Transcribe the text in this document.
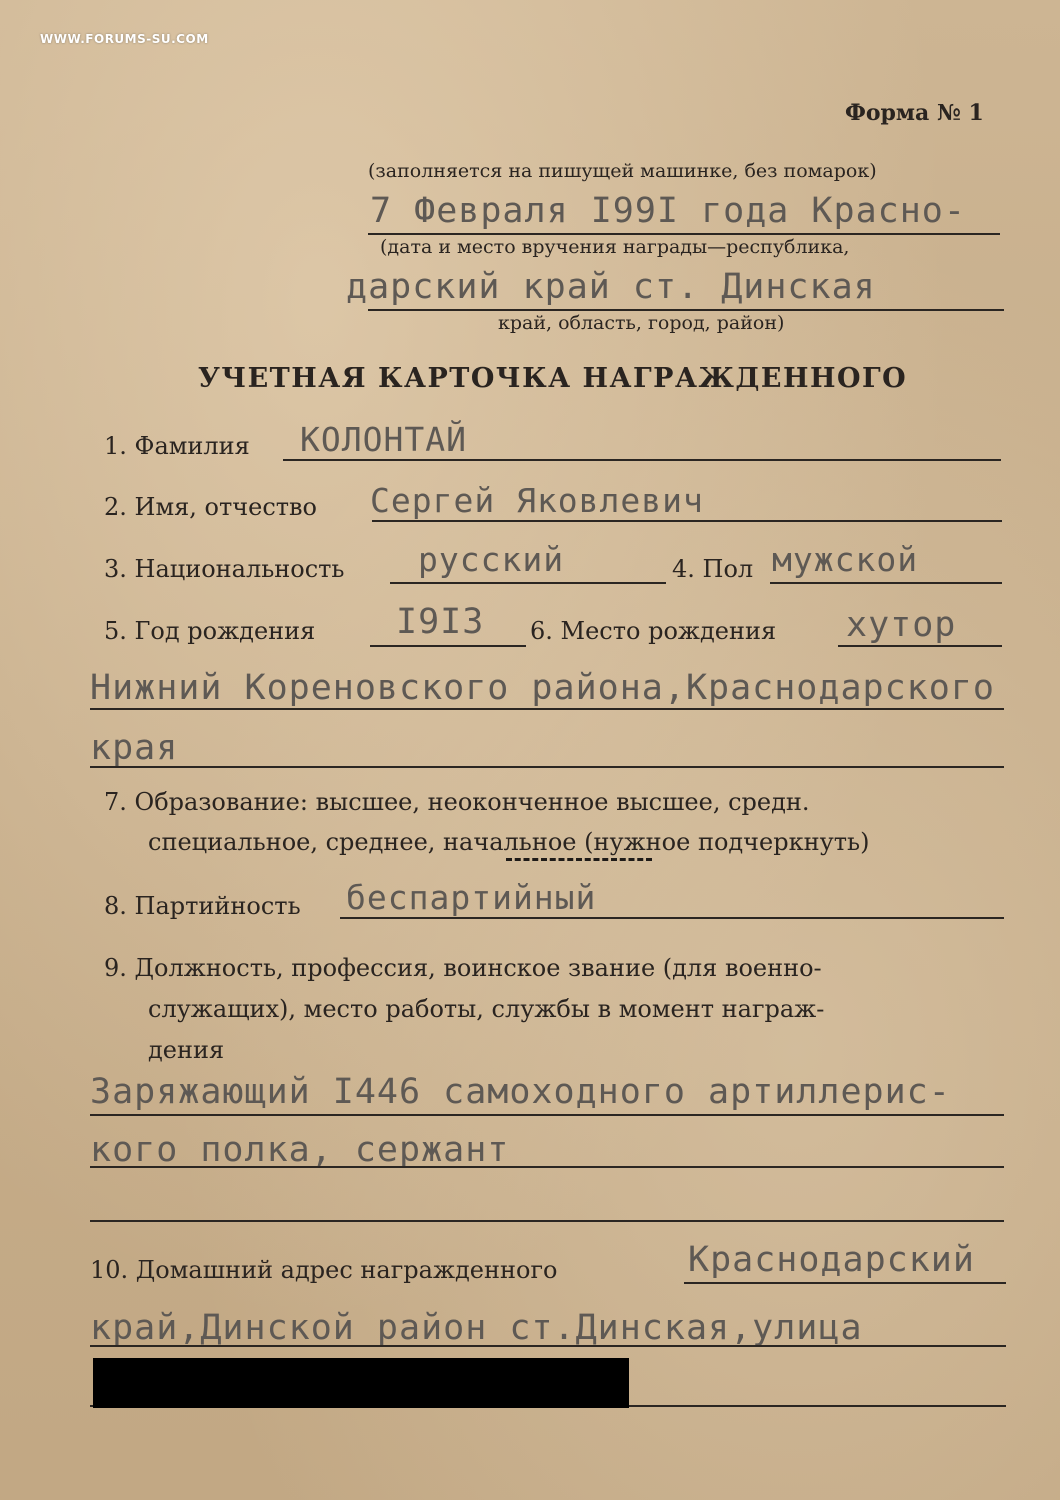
WWW.FORUMS-SU.COM
Форма № 1
(заполняется на пишущей машинке, без помарок)
7 Февраля I99I года Красно-
(дата и место вручения награды—республика,
дарский край ст. Динская
край, область, город, район)
УЧЕТНАЯ КАРТОЧКА НАГРАЖДЕННОГО
1. Фамилия КОЛОНТАЙ
2. Имя, отчество Сергей Яковлевич
3. Национальность русский	4. Пол мужской
5. Год рождения I9I3 6. Место рождения хутор
Нижний Кореновского района,Краснодарского
края
7. Образование: высшее, неоконченное высшее, средн.
специальное, среднее, начальное (нужное подчеркнуть)
8. Партийность беспартийный
9. Должность, профессия, воинское звание (для военно-
служащих), место работы, службы в момент награж-
дения
Заряжающий I446 самоходного артиллерис-
кого полка, сержант
10. Домашний адрес награжденного	Краснодарский
край,Динской район ст.Динская,улица
